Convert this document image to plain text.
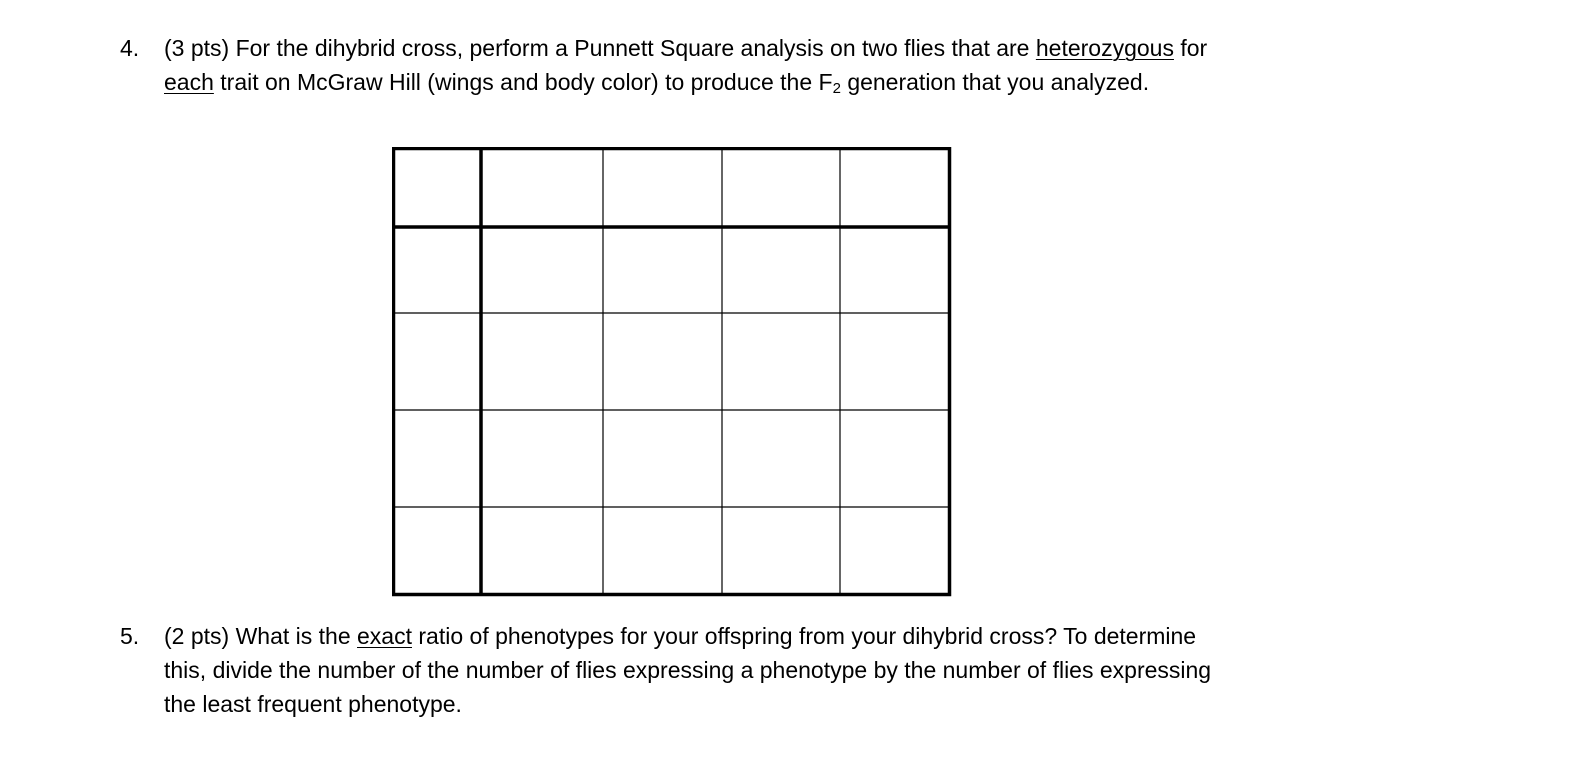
4.	(3 pts) For the dihybrid cross, perform a Punnett Square analysis on two flies that are heterozygous for
each trait on McGraw Hill (wings and body color) to produce the $F_2$ generation that you analyzed.
5.	(2 pts) What is the exact ratio of phenotypes for your offspring from your dihybrid cross? To determine
this, divide the number of the number of flies expressing a phenotype by the number of flies expressing
the least frequent phenotype.
